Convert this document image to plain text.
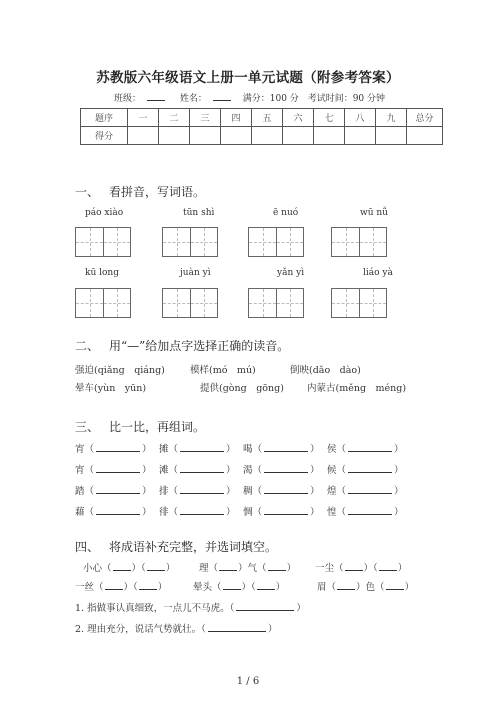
苏教版六年级语文上册一单元试题（附参考答案）
班级：	姓名：	满分：100 分 考试时间：90 分钟
题序	一	二	三	四	五	六	七	八	九	总分
得分										
一、 看拼音，写词语。
páo xiào	tūn shì	ē nuó	wū nǚ
kū long	juàn yì	yǎn yì	liáo yà
二、 用“—”给加点字选择正确的读音。
强迫(qiǎng　qiáng)	模样(mó　mú)	倒映(dǎo　dào)
晕车(yùn　yūn)	提供(gòng　gōng) 内蒙古(měng　méng)
三、 比一比，再组词。
宵 （	） 摊 （	） 喝 （	） 侯 （	）
宵 （	） 滩 （	） 渴 （	） 候 （	）
踏 （	） 排 （	） 稠 （	） 煌 （	）
藉 （	） 徘 （	） 惆 （	） 惶 （	）
四、 将成语补充完整，并选词填空。
小心 （ ）（ ） 理 （ ）气 （ ） 一尘 （ ）（ ）
一丝 （ ）（ ）	晕头 （ ）（ ）	眉 （ ）色 （ ）
1. 指做事认真细致，一点儿不马虎。（	）
2. 理由充分，说话气势就壮。（	）
1 / 6
